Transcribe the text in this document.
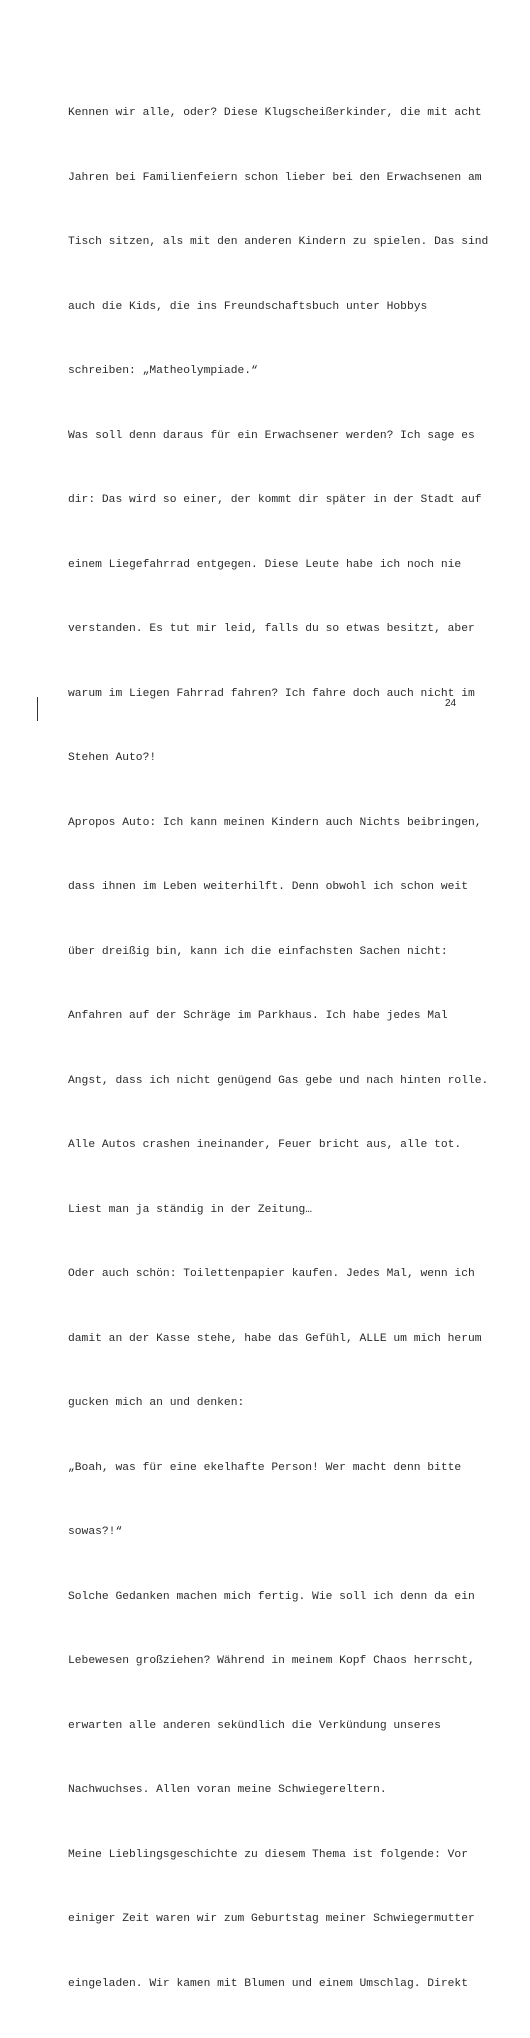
Kennen wir alle, oder? Diese Klugscheißerkinder, die mit acht

Jahren bei Familienfeiern schon lieber bei den Erwachsenen am

Tisch sitzen, als mit den anderen Kindern zu spielen. Das sind

auch die Kids, die ins Freundschaftsbuch unter Hobbys

schreiben: „Matheolympiade.“

Was soll denn daraus für ein Erwachsener werden? Ich sage es

dir: Das wird so einer, der kommt dir später in der Stadt auf

einem Liegefahrrad entgegen. Diese Leute habe ich noch nie

verstanden. Es tut mir leid, falls du so etwas besitzt, aber

warum im Liegen Fahrrad fahren? Ich fahre doch auch nicht im

Stehen Auto?!

Apropos Auto: Ich kann meinen Kindern auch Nichts beibringen,

dass ihnen im Leben weiterhilft. Denn obwohl ich schon weit

über dreißig bin, kann ich die einfachsten Sachen nicht:

Anfahren auf der Schräge im Parkhaus. Ich habe jedes Mal

Angst, dass ich nicht genügend Gas gebe und nach hinten rolle.

Alle Autos crashen ineinander, Feuer bricht aus, alle tot.

Liest man ja ständig in der Zeitung…

Oder auch schön: Toilettenpapier kaufen. Jedes Mal, wenn ich

damit an der Kasse stehe, habe das Gefühl, ALLE um mich herum

gucken mich an und denken:

„Boah, was für eine ekelhafte Person! Wer macht denn bitte

sowas?!“

Solche Gedanken machen mich fertig. Wie soll ich denn da ein

Lebewesen großziehen? Während in meinem Kopf Chaos herrscht,

erwarten alle anderen sekündlich die Verkündung unseres

Nachwuchses. Allen voran meine Schwiegereltern.

Meine Lieblingsgeschichte zu diesem Thema ist folgende: Vor

einiger Zeit waren wir zum Geburtstag meiner Schwiegermutter

eingeladen. Wir kamen mit Blumen und einem Umschlag. Direkt

24
